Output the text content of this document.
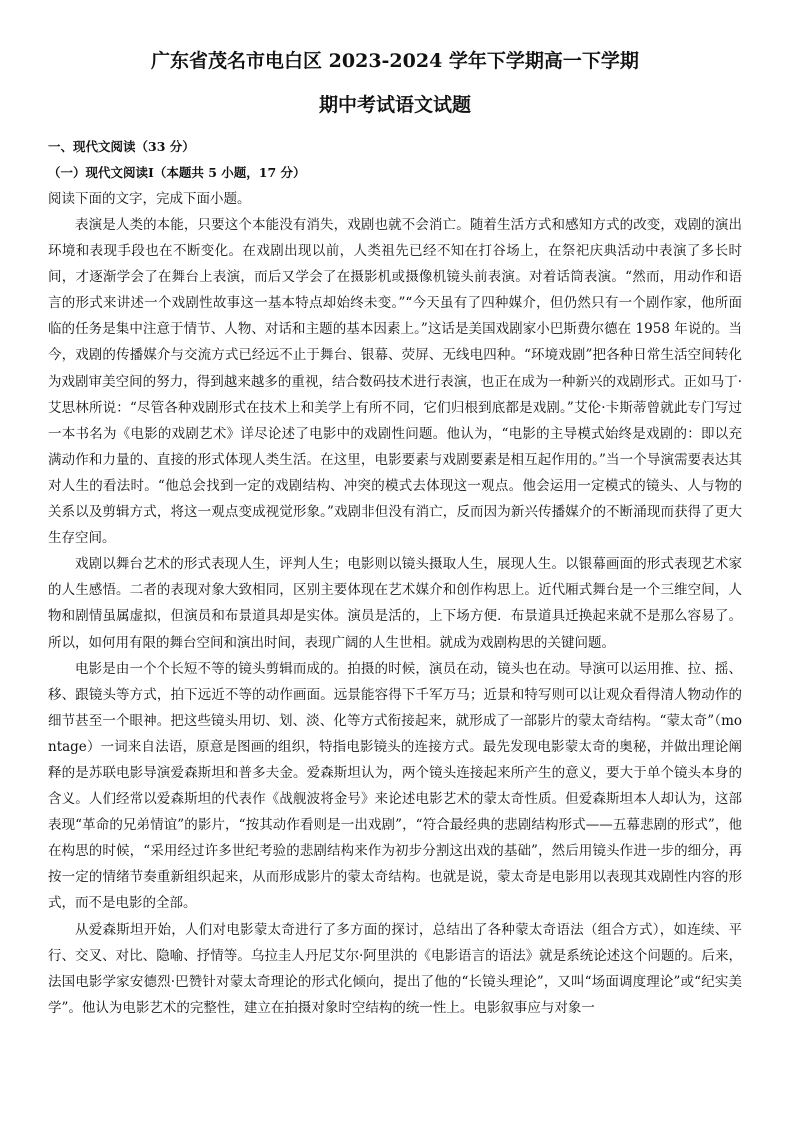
广东省茂名市电白区 2023-2024 学年下学期高一下学期
期中考试语文试题

一、现代文阅读（33 分）

（一）现代文阅读Ⅰ（本题共 5 小题，17 分）

阅读下面的文字，完成下面小题。

表演是人类的本能，只要这个本能没有消失，戏剧也就不会消亡。随着生活方式和感知方式的改变，戏剧的演出环境和表现手段也在不断变化。在戏剧出现以前，人类祖先已经不知在打谷场上，在祭祀庆典活动中表演了多长时间，才逐渐学会了在舞台上表演，而后又学会了在摄影机或摄像机镜头前表演。对着话筒表演。“然而，用动作和语言的形式来讲述一个戏剧性故事这一基本特点却始终未变。”“今天虽有了四种媒介，但仍然只有一个剧作家，他所面临的任务是集中注意于情节、人物、对话和主题的基本因素上。”这话是美国戏剧家小巴斯费尔德在 1958 年说的。当今，戏剧的传播媒介与交流方式已经远不止于舞台、银幕、荧屏、无线电四种。“环境戏剧”把各种日常生活空间转化为戏剧审美空间的努力，得到越来越多的重视，结合数码技术进行表演，也正在成为一种新兴的戏剧形式。正如马丁·艾思林所说：“尽管各种戏剧形式在技术上和美学上有所不同，它们归根到底都是戏剧。”艾伦·卡斯蒂曾就此专门写过一本书名为《电影的戏剧艺术》详尽论述了电影中的戏剧性问题。他认为，“电影的主导模式始终是戏剧的：即以充满动作和力量的、直接的形式体现人类生活。在这里，电影要素与戏剧要素是相互起作用的。”当一个导演需要表达其对人生的看法时。“他总会找到一定的戏剧结构、冲突的模式去体现这一观点。他会运用一定模式的镜头、人与物的关系以及剪辑方式，将这一观点变成视觉形象。”戏剧非但没有消亡，反而因为新兴传播媒介的不断涌现而获得了更大生存空间。

戏剧以舞台艺术的形式表现人生，评判人生；电影则以镜头摄取人生，展现人生。以银幕画面的形式表现艺术家的人生感悟。二者的表现对象大致相同，区别主要体现在艺术媒介和创作构思上。近代厢式舞台是一个三维空间，人物和剧情虽属虚拟，但演员和布景道具却是实体。演员是活的，上下场方便．布景道具迁换起来就不是那么容易了。所以，如何用有限的舞台空间和演出时间，表现广阔的人生世相。就成为戏剧构思的关键问题。

电影是由一个个长短不等的镜头剪辑而成的。拍摄的时候，演员在动，镜头也在动。导演可以运用推、拉、摇、移、跟镜头等方式，拍下远近不等的动作画面。远景能容得下千军万马；近景和特写则可以让观众看得清人物动作的细节甚至一个眼神。把这些镜头用切、划、淡、化等方式衔接起来，就形成了一部影片的蒙太奇结构。“蒙太奇”（montage）一词来自法语，原意是图画的组织，特指电影镜头的连接方式。最先发现电影蒙太奇的奥秘，并做出理论阐释的是苏联电影导演爱森斯坦和普多夫金。爱森斯坦认为，两个镜头连接起来所产生的意义，要大于单个镜头本身的含义。人们经常以爱森斯坦的代表作《战舰波将金号》来论述电影艺术的蒙太奇性质。但爱森斯坦本人却认为，这部表现“革命的兄弟情谊”的影片，“按其动作看则是一出戏剧”，“符合最经典的悲剧结构形式——五幕悲剧的形式”，他在构思的时候，“采用经过许多世纪考验的悲剧结构来作为初步分割这出戏的基础”，然后用镜头作进一步的细分，再按一定的情绪节奏重新组织起来，从而形成影片的蒙太奇结构。也就是说，蒙太奇是电影用以表现其戏剧性内容的形式，而不是电影的全部。

从爱森斯坦开始，人们对电影蒙太奇进行了多方面的探讨，总结出了各种蒙太奇语法（组合方式），如连续、平行、交叉、对比、隐喻、抒情等。乌拉圭人丹尼艾尔·阿里洪的《电影语言的语法》就是系统论述这个问题的。后来，法国电影学家安德烈·巴赞针对蒙太奇理论的形式化倾向，提出了他的“长镜头理论”，又叫“场面调度理论”或“纪实美学”。他认为电影艺术的完整性，建立在拍摄对象时空结构的统一性上。电影叙事应与对象一
